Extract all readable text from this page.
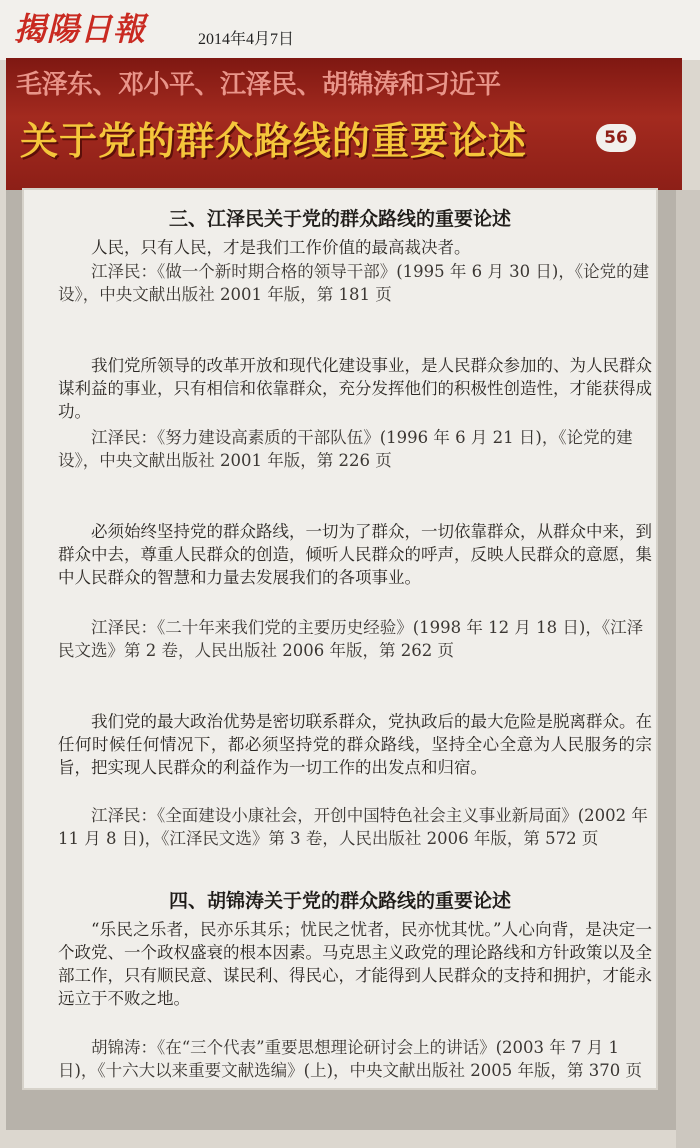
揭陽日報	2014年4月7日
毛泽东、邓小平、江泽民、胡锦涛和习近平
关于党的群众路线的重要论述	56
三、江泽民关于党的群众路线的重要论述

人民，只有人民，才是我们工作价值的最高裁决者。

江泽民：《做一个新时期合格的领导干部》(1995 年 6 月 30 日)，《论党的建设》，中央文献出版社 2001 年版，第 181 页

我们党所领导的改革开放和现代化建设事业，是人民群众参加的、为人民群众谋利益的事业，只有相信和依靠群众，充分发挥他们的积极性创造性，才能获得成功。

江泽民：《努力建设高素质的干部队伍》(1996 年 6 月 21 日)，《论党的建设》，中央文献出版社 2001 年版，第 226 页

必须始终坚持党的群众路线，一切为了群众，一切依靠群众，从群众中来，到群众中去，尊重人民群众的创造，倾听人民群众的呼声，反映人民群众的意愿，集中人民群众的智慧和力量去发展我们的各项事业。

江泽民：《二十年来我们党的主要历史经验》(1998 年 12 月 18 日)，《江泽民文选》第 2 卷，人民出版社 2006 年版，第 262 页

我们党的最大政治优势是密切联系群众，党执政后的最大危险是脱离群众。在任何时候任何情况下，都必须坚持党的群众路线，坚持全心全意为人民服务的宗旨，把实现人民群众的利益作为一切工作的出发点和归宿。

江泽民：《全面建设小康社会，开创中国特色社会主义事业新局面》(2002 年 11 月 8 日)，《江泽民文选》第 3 卷，人民出版社 2006 年版，第 572 页

四、胡锦涛关于党的群众路线的重要论述

“乐民之乐者，民亦乐其乐；忧民之忧者，民亦忧其忧。”人心向背，是决定一个政党、一个政权盛衰的根本因素。马克思主义政党的理论路线和方针政策以及全部工作，只有顺民意、谋民利、得民心，才能得到人民群众的支持和拥护，才能永远立于不败之地。

胡锦涛：《在“三个代表”重要思想理论研讨会上的讲话》(2003 年 7 月 1 日)，《十六大以来重要文献选编》(上)，中央文献出版社 2005 年版，第 370 页
